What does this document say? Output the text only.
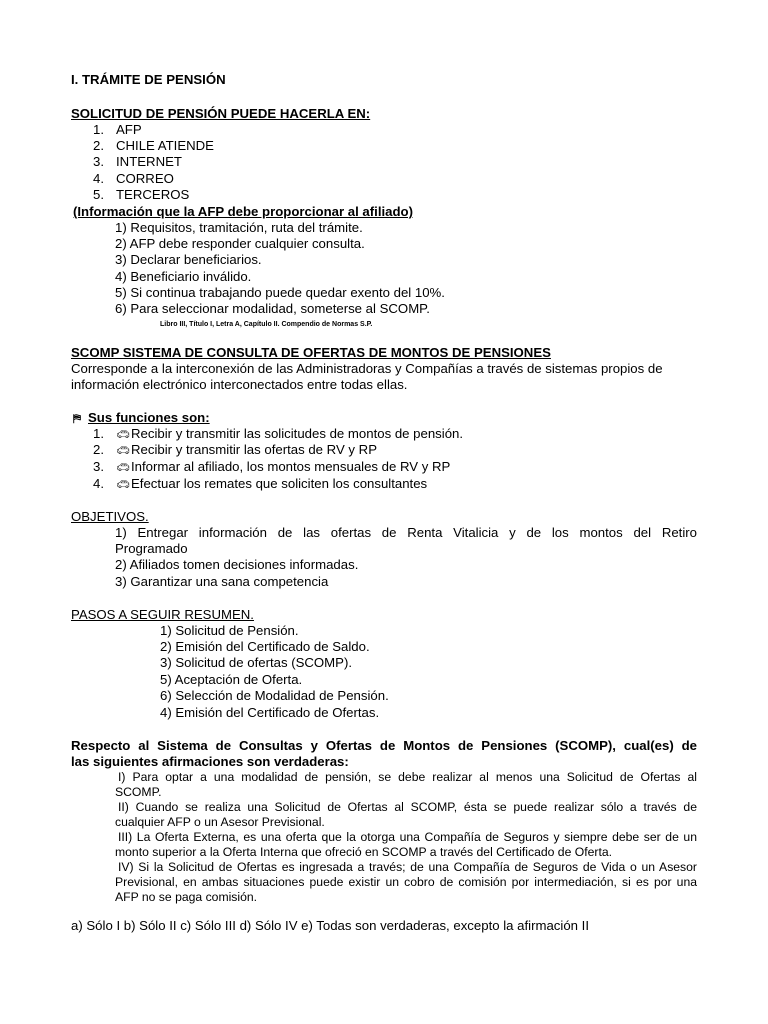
I. TRÁMITE DE PENSIÓN
SOLICITUD DE PENSIÓN PUEDE HACERLA EN:
1. AFP
2. CHILE ATIENDE
3. INTERNET
4. CORREO
5. TERCEROS
(Información que la AFP debe proporcionar al afiliado)
1) Requisitos, tramitación, ruta del trámite.
2) AFP debe responder cualquier consulta.
3) Declarar beneficiarios.
4) Beneficiario inválido.
5) Si continua trabajando puede quedar exento del 10%.
6) Para seleccionar modalidad, someterse al SCOMP.
Libro III, Título I, Letra A, Capítulo II. Compendio de Normas S.P.
SCOMP SISTEMA DE CONSULTA DE OFERTAS DE MONTOS DE PENSIONES
Corresponde a la interconexión de las Administradoras y Compañías a través de sistemas propios de
información electrónico interconectados entre todas ellas.
⛿ Sus funciones son:
1. 🚗︎Recibir y transmitir las solicitudes de montos de pensión.
2. 🚗︎Recibir y transmitir las ofertas de RV y RP
3. 🚗︎Informar al afiliado, los montos mensuales de RV y RP
4. 🚗︎Efectuar los remates que soliciten los consultantes
OBJETIVOS.
1) Entregar información de las ofertas de Renta Vitalicia y de los montos del Retiro
Programado
2) Afiliados tomen decisiones informadas.
3) Garantizar una sana competencia
PASOS A SEGUIR RESUMEN.
1) Solicitud de Pensión.
2) Emisión del Certificado de Saldo.
3) Solicitud de ofertas (SCOMP).
5) Aceptación de Oferta.
6) Selección de Modalidad de Pensión.
4) Emisión del Certificado de Ofertas.
Respecto al Sistema de Consultas y Ofertas de Montos de Pensiones (SCOMP), cual(es) de
las siguientes afirmaciones son verdaderas:
I) Para optar a una modalidad de pensión, se debe realizar al menos una Solicitud de Ofertas al
SCOMP.
II) Cuando se realiza una Solicitud de Ofertas al SCOMP, ésta se puede realizar sólo a través de
cualquier AFP o un Asesor Previsional.
III) La Oferta Externa, es una oferta que la otorga una Compañía de Seguros y siempre debe ser de un
monto superior a la Oferta Interna que ofreció en SCOMP a través del Certificado de Oferta.
IV) Si la Solicitud de Ofertas es ingresada a través; de una Compañía de Seguros de Vida o un Asesor
Previsional, en ambas situaciones puede existir un cobro de comisión por intermediación, si es por una
AFP no se paga comisión.
a) Sólo I b) Sólo II c) Sólo III d) Sólo IV e) Todas son verdaderas, excepto la afirmación II
